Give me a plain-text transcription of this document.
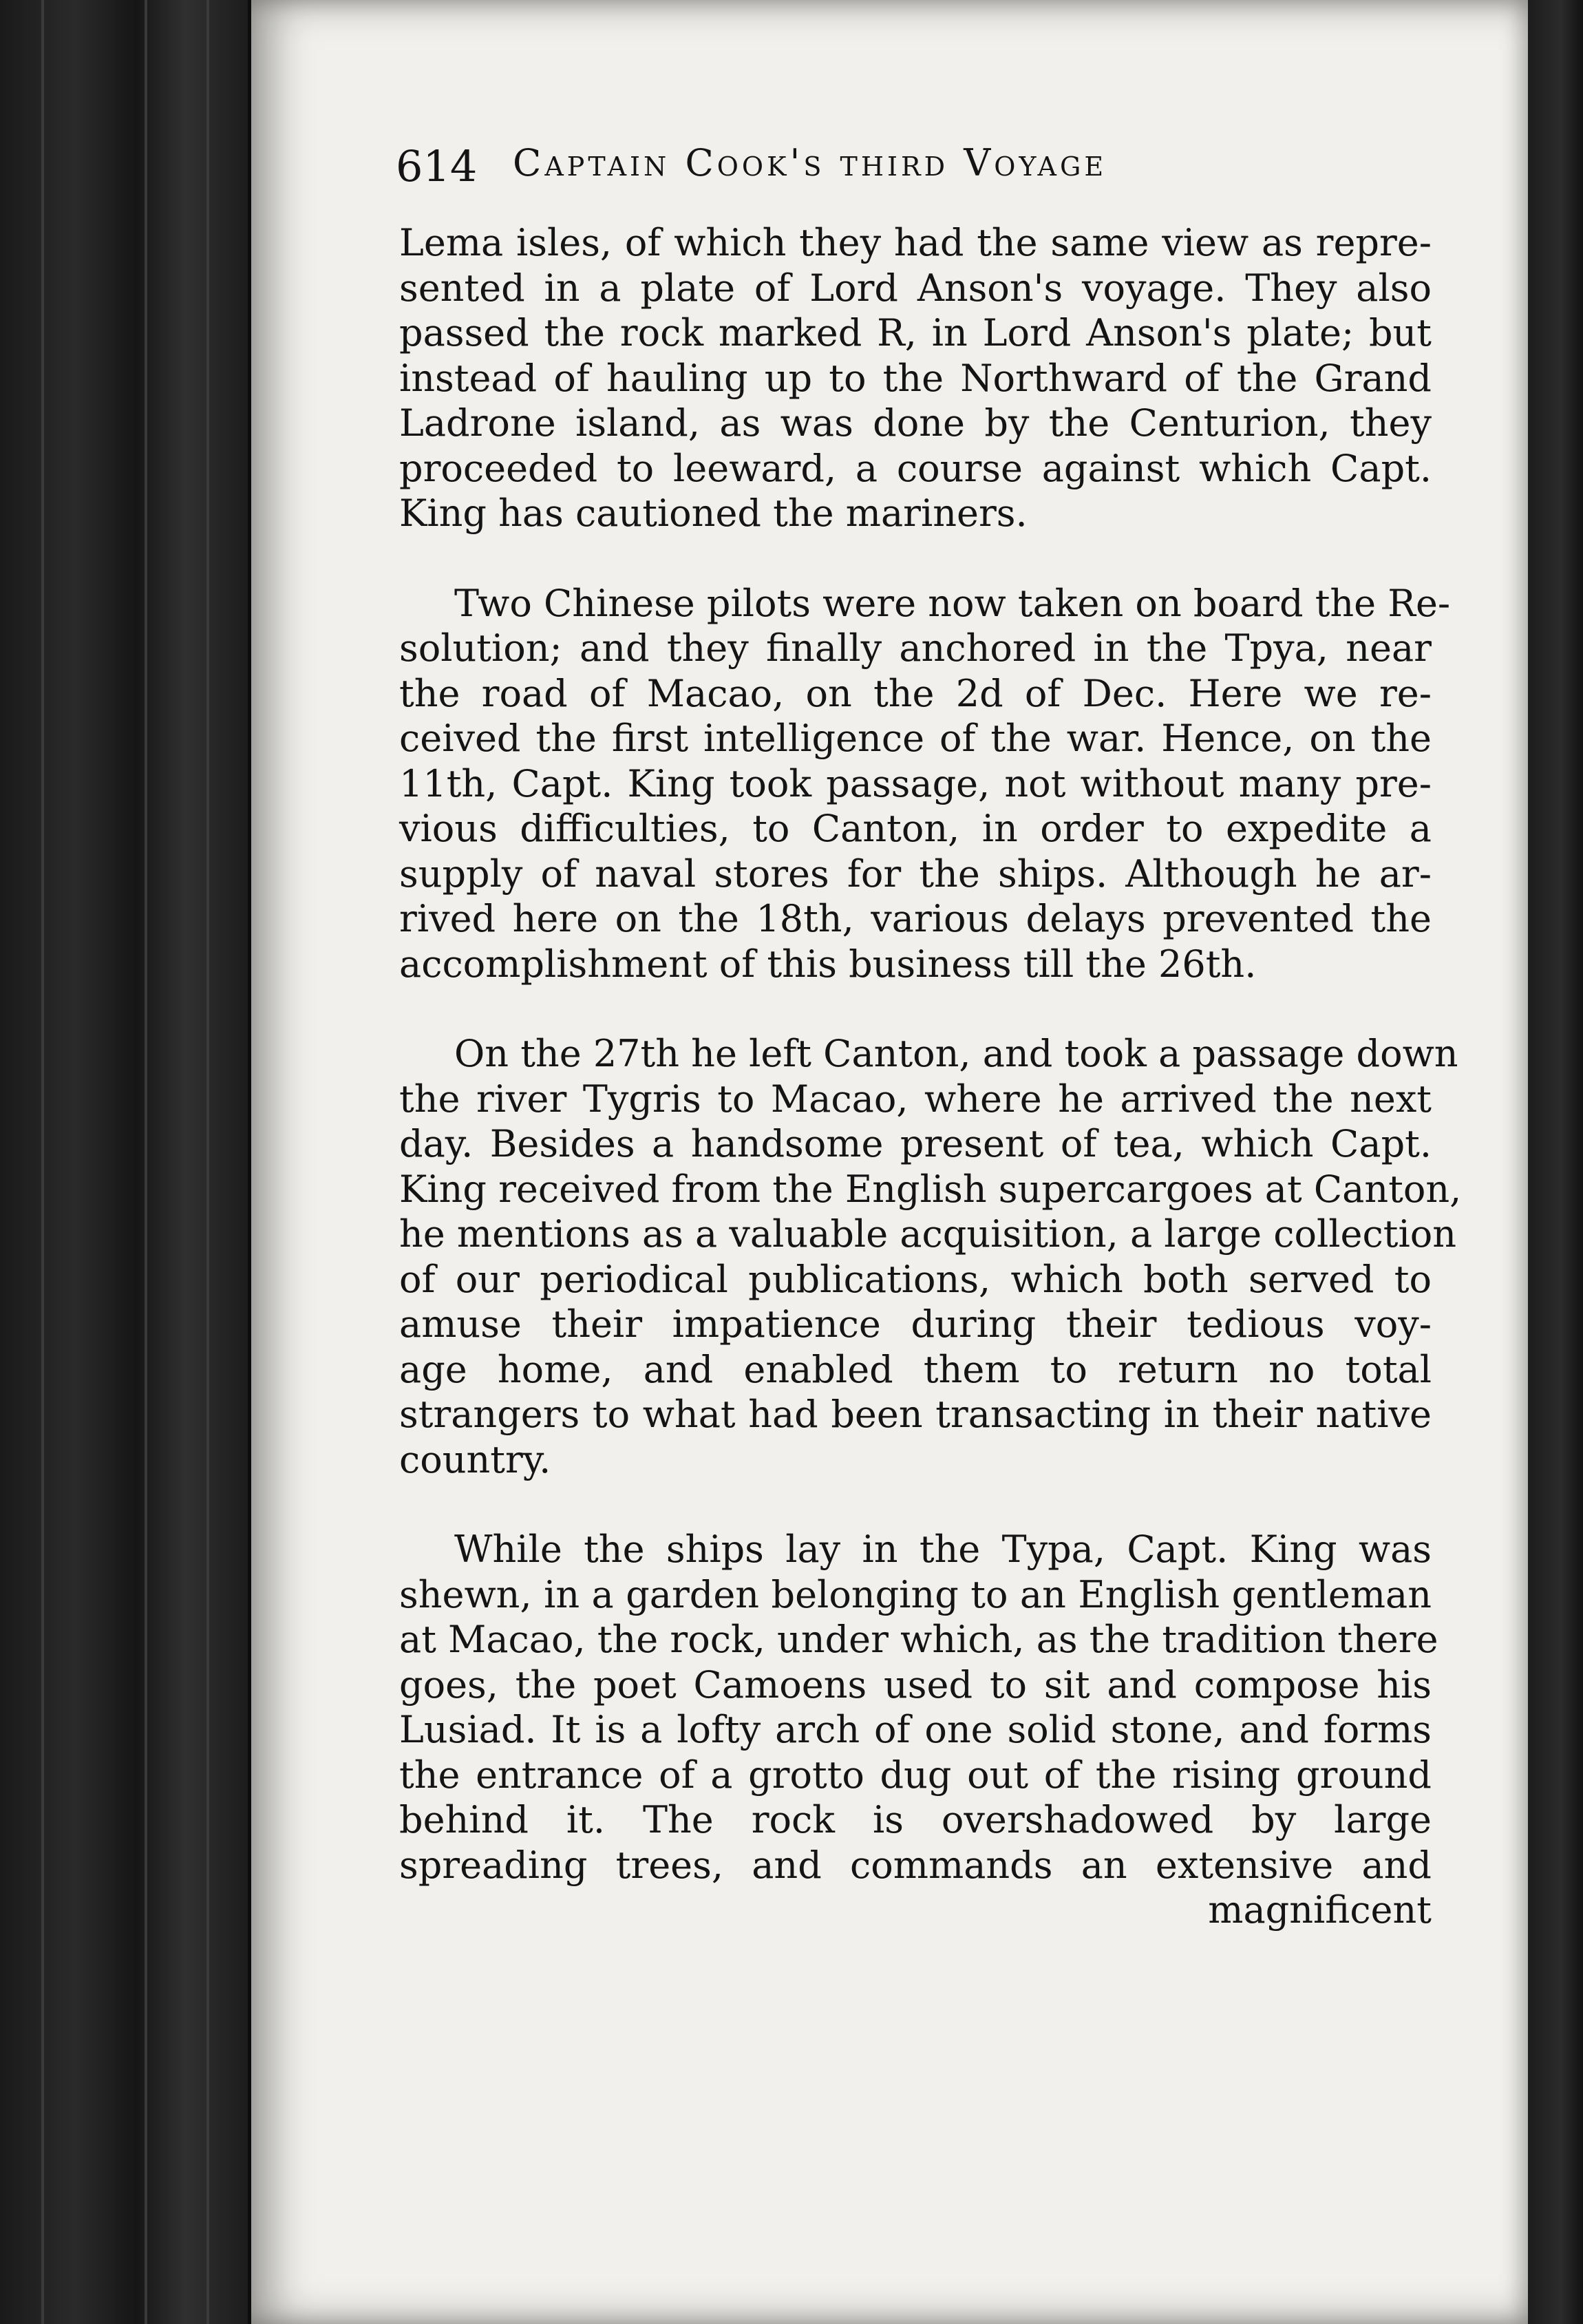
614 Captain Cook's third Voyage
Lema isles, of which they had the same view as repre-
sented in a plate of Lord Anson's voyage. They also
passed the rock marked R, in Lord Anson's plate; but
instead of hauling up to the Northward of the Grand
Ladrone island, as was done by the Centurion, they
proceeded to leeward, a course against which Capt.
King has cautioned the mariners.
Two Chinese pilots were now taken on board the Re-
solution; and they finally anchored in the Tpya, near
the road of Macao, on the 2d of Dec. Here we re-
ceived the first intelligence of the war. Hence, on the
11th, Capt. King took passage, not without many pre-
vious difficulties, to Canton, in order to expedite a
supply of naval stores for the ships. Although he ar-
rived here on the 18th, various delays prevented the
accomplishment of this business till the 26th.
On the 27th he left Canton, and took a passage down
the river Tygris to Macao, where he arrived the next
day. Besides a handsome present of tea, which Capt.
King received from the English supercargoes at Canton,
he mentions as a valuable acquisition, a large collection
of our periodical publications, which both served to
amuse their impatience during their tedious voy-
age home, and enabled them to return no total
strangers to what had been transacting in their native
country.
While the ships lay in the Typa, Capt. King was
shewn, in a garden belonging to an English gentleman
at Macao, the rock, under which, as the tradition there
goes, the poet Camoens used to sit and compose his
Lusiad. It is a lofty arch of one solid stone, and forms
the entrance of a grotto dug out of the rising ground
behind it. The rock is overshadowed by large
spreading trees, and commands an extensive and
magnificent
